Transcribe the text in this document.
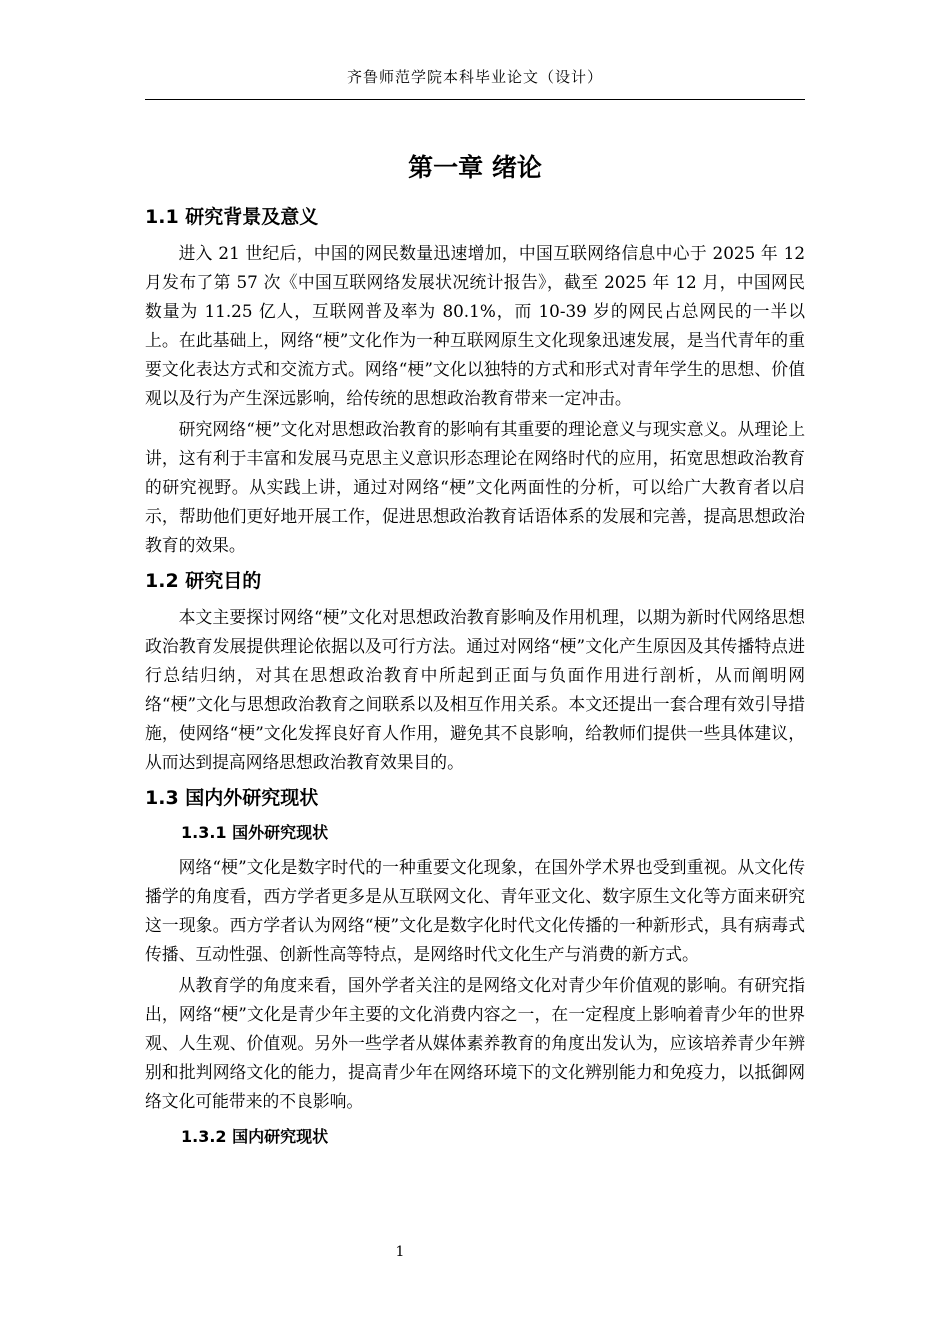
齐鲁师范学院本科毕业论文（设计）
第一章 绪论
1.1 研究背景及意义

进入 21 世纪后，中国的网民数量迅速增加，中国互联网络信息中心于 2025 年 12 月发布了第 57 次《中国互联网络发展状况统计报告》，截至 2025 年 12 月，中国网民数量为 11.25 亿人，互联网普及率为 80.1%，而 10-39 岁的网民占总网民的一半以上。在此基础上，网络“梗”文化作为一种互联网原生文化现象迅速发展，是当代青年的重要文化表达方式和交流方式。网络“梗”文化以独特的方式和形式对青年学生的思想、价值观以及行为产生深远影响，给传统的思想政治教育带来一定冲击。

研究网络“梗”文化对思想政治教育的影响有其重要的理论意义与现实意义。从理论上讲，这有利于丰富和发展马克思主义意识形态理论在网络时代的应用，拓宽思想政治教育的研究视野。从实践上讲，通过对网络“梗”文化两面性的分析，可以给广大教育者以启示，帮助他们更好地开展工作，促进思想政治教育话语体系的发展和完善，提高思想政治教育的效果。

1.2 研究目的

本文主要探讨网络“梗”文化对思想政治教育影响及作用机理，以期为新时代网络思想政治教育发展提供理论依据以及可行方法。通过对网络“梗”文化产生原因及其传播特点进行总结归纳，对其在思想政治教育中所起到正面与负面作用进行剖析，从而阐明网络“梗”文化与思想政治教育之间联系以及相互作用关系。本文还提出一套合理有效引导措施，使网络“梗”文化发挥良好育人作用，避免其不良影响，给教师们提供一些具体建议，从而达到提高网络思想政治教育效果目的。

1.3 国内外研究现状
1.3.1 国外研究现状

网络“梗”文化是数字时代的一种重要文化现象，在国外学术界也受到重视。从文化传播学的角度看，西方学者更多是从互联网文化、青年亚文化、数字原生文化等方面来研究这一现象。西方学者认为网络“梗”文化是数字化时代文化传播的一种新形式，具有病毒式传播、互动性强、创新性高等特点，是网络时代文化生产与消费的新方式。

从教育学的角度来看，国外学者关注的是网络文化对青少年价值观的影响。有研究指出，网络“梗”文化是青少年主要的文化消费内容之一，在一定程度上影响着青少年的世界观、人生观、价值观。另外一些学者从媒体素养教育的角度出发认为，应该培养青少年辨别和批判网络文化的能力，提高青少年在网络环境下的文化辨别能力和免疫力，以抵御网络文化可能带来的不良影响。

1.3.2 国内研究现状
1
